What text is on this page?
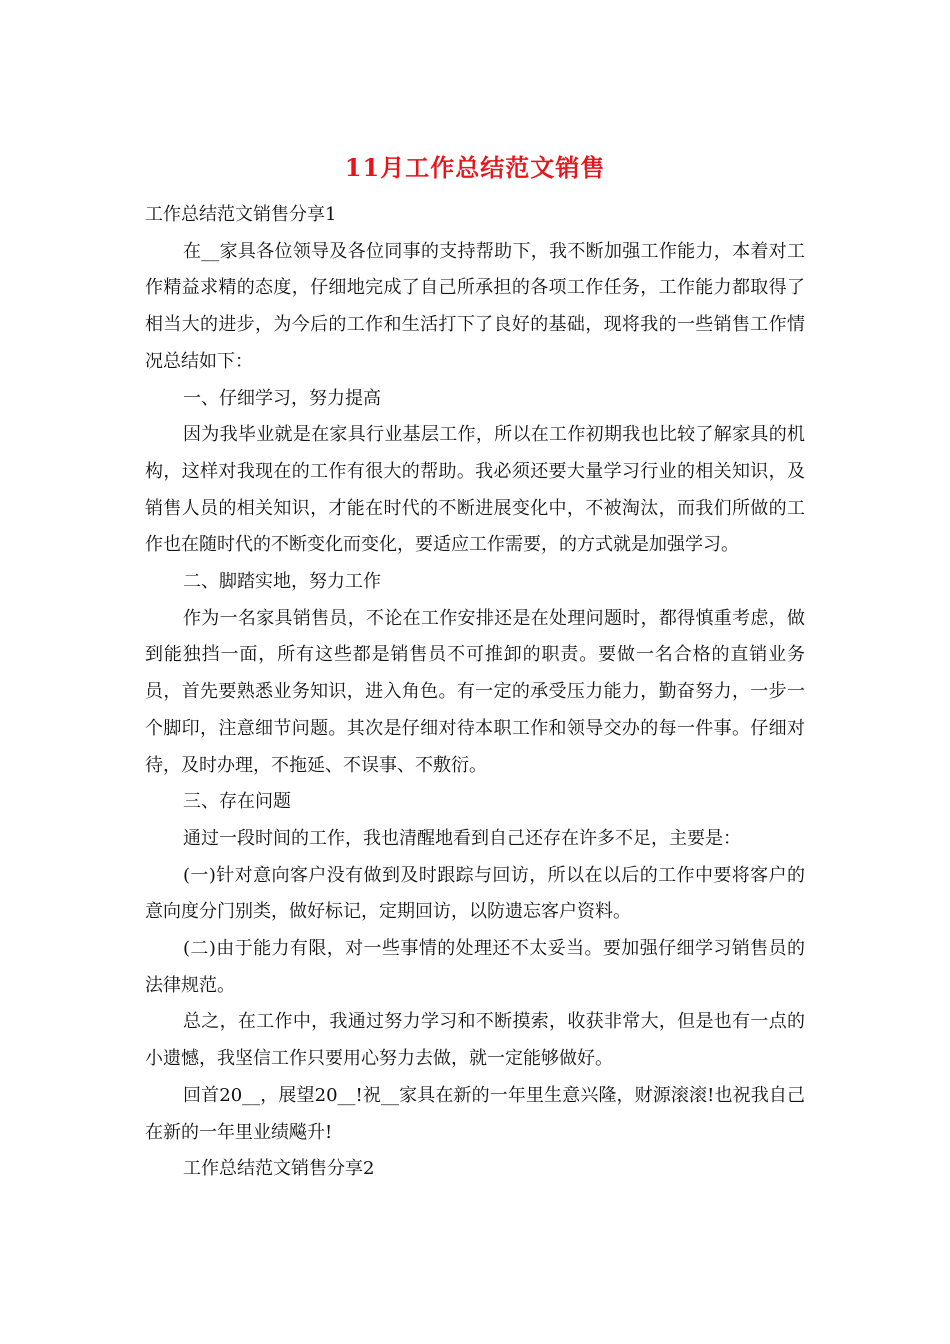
11月工作总结范文销售

工作总结范文销售分享1

在__家具各位领导及各位同事的支持帮助下，我不断加强工作能力，本着对工作精益求精的态度，仔细地完成了自己所承担的各项工作任务，工作能力都取得了相当大的进步，为今后的工作和生活打下了良好的基础，现将我的一些销售工作情况总结如下：

一、仔细学习，努力提高

因为我毕业就是在家具行业基层工作，所以在工作初期我也比较了解家具的机构，这样对我现在的工作有很大的帮助。我必须还要大量学习行业的相关知识，及销售人员的相关知识，才能在时代的不断进展变化中，不被淘汰，而我们所做的工作也在随时代的不断变化而变化，要适应工作需要，的方式就是加强学习。

二、脚踏实地，努力工作

作为一名家具销售员，不论在工作安排还是在处理问题时，都得慎重考虑，做到能独挡一面，所有这些都是销售员不可推卸的职责。要做一名合格的直销业务员，首先要熟悉业务知识，进入角色。有一定的承受压力能力，勤奋努力，一步一个脚印，注意细节问题。其次是仔细对待本职工作和领导交办的每一件事。仔细对待，及时办理，不拖延、不误事、不敷衍。

三、存在问题

通过一段时间的工作，我也清醒地看到自己还存在许多不足，主要是：

(一)针对意向客户没有做到及时跟踪与回访，所以在以后的工作中要将客户的意向度分门别类，做好标记，定期回访，以防遗忘客户资料。

(二)由于能力有限，对一些事情的处理还不太妥当。要加强仔细学习销售员的法律规范。

总之，在工作中，我通过努力学习和不断摸索，收获非常大，但是也有一点的小遗憾，我坚信工作只要用心努力去做，就一定能够做好。

回首20__，展望20__!祝__家具在新的一年里生意兴隆，财源滚滚!也祝我自己在新的一年里业绩飚升!

工作总结范文销售分享2
